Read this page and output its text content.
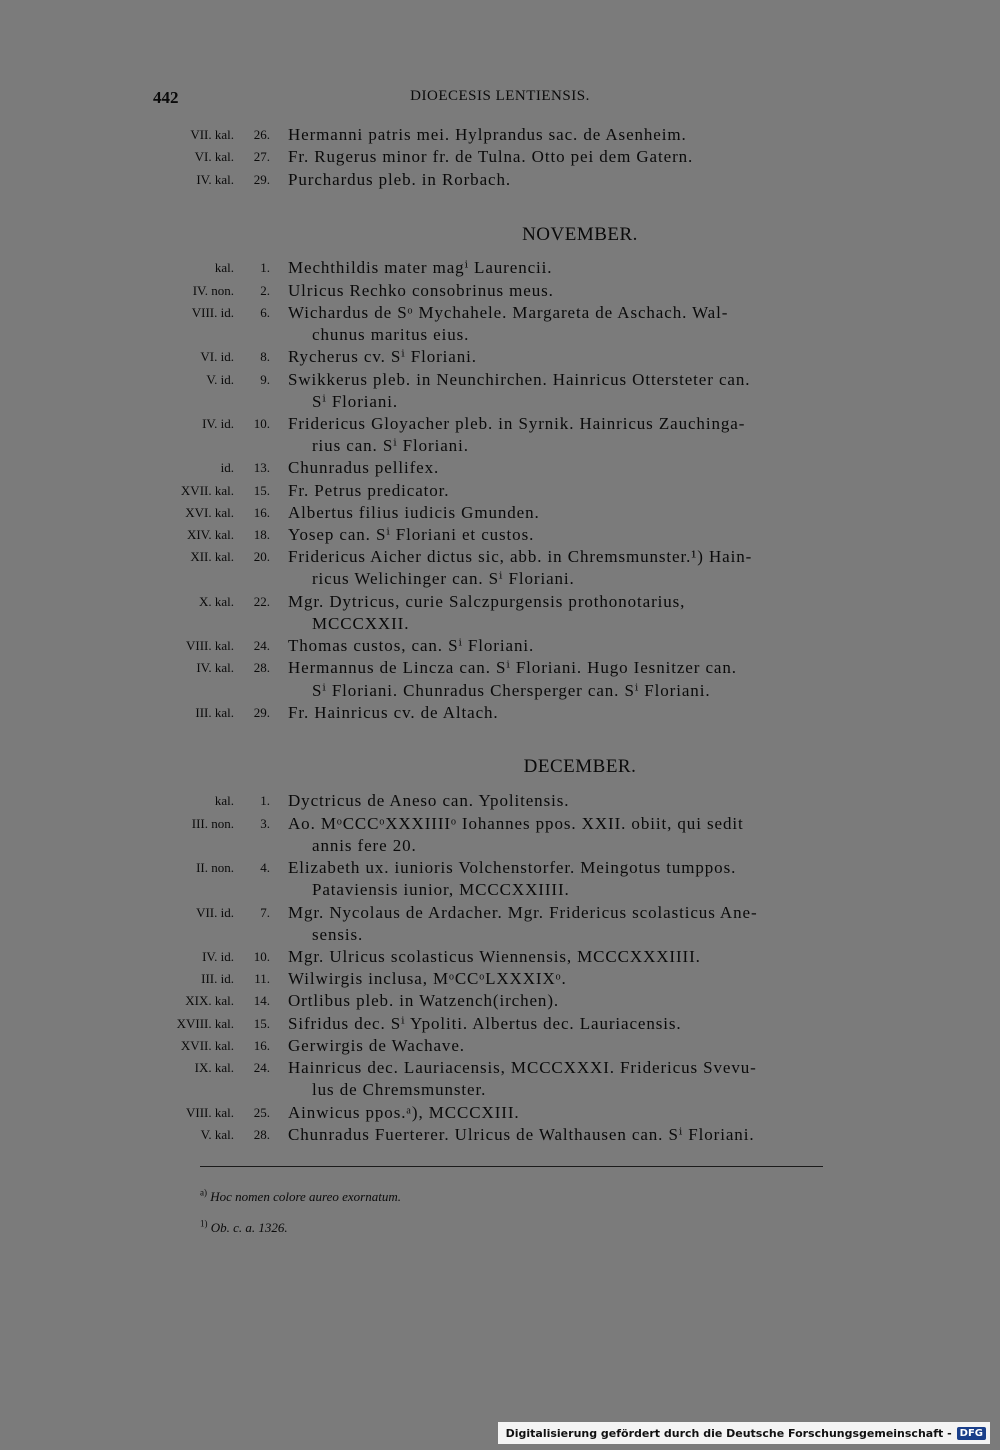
442	DIOECESIS LENTIENSIS.
VII. kal.	26. Hermanni patris mei. Hylprandus sac. de Asenheim.
VI. kal.	27. Fr. Rugerus minor fr. de Tulna. Otto pei dem Gatern.
IV. kal.	29. Purchardus pleb. in Rorbach.
NOVEMBER.
kal.	1. Mechthildis mater magⁱ Laurencii.
IV. non.	2. Ulricus Rechko consobrinus meus.
VIII. id.	6. Wichardus de Sᵒ Mychahele. Margareta de Aschach. Wal-
chunus maritus eius.
VI. id.	8. Rycherus cv. Sⁱ Floriani.
V. id.	9. Swikkerus pleb. in Neunchirchen. Hainricus Ottersteter can.
Sⁱ Floriani.
IV. id.	10. Fridericus Gloyacher pleb. in Syrnik. Hainricus Zauchinga-
rius can. Sⁱ Floriani.
id.	13. Chunradus pellifex.
XVII. kal.	15. Fr. Petrus predicator.
XVI. kal.	16. Albertus filius iudicis Gmunden.
XIV. kal.	18. Yosep can. Sⁱ Floriani et custos.
XII. kal.	20. Fridericus Aicher dictus sic, abb. in Chremsmunster.¹) Hain-
ricus Welichinger can. Sⁱ Floriani.
X. kal.	22. Mgr. Dytricus, curie Salczpurgensis prothonotarius,
MCCCXXII.
VIII. kal.	24. Thomas custos, can. Sⁱ Floriani.
IV. kal.	28. Hermannus de Lincza can. Sⁱ Floriani. Hugo Iesnitzer can.
Sⁱ Floriani. Chunradus Chersperger can. Sⁱ Floriani.
III. kal.	29. Fr. Hainricus cv. de Altach.
DECEMBER.
kal.	1. Dyctricus de Aneso can. Ypolitensis.
III. non.	3. Ao. MᵒCCCᵒXXXIIIIᵒ Iohannes ppos. XXII. obiit, qui sedit
annis fere 20.
II. non.	4. Elizabeth ux. iunioris Volchenstorfer. Meingotus tumppos.
Pataviensis iunior, MCCCXXIIII.
VII. id.	7. Mgr. Nycolaus de Ardacher. Mgr. Fridericus scolasticus Ane-
sensis.
IV. id.	10. Mgr. Ulricus scolasticus Wiennensis, MCCCXXXIIII.
III. id.	11. Wilwirgis inclusa, MᵒCCᵒLXXXIXᵒ.
XIX. kal.	14. Ortlibus pleb. in Watzench(irchen).
XVIII. kal.	15. Sifridus dec. Sⁱ Ypoliti. Albertus dec. Lauriacensis.
XVII. kal.	16. Gerwirgis de Wachave.
IX. kal.	24. Hainricus dec. Lauriacensis, MCCCXXXI. Fridericus Svevu-
lus de Chremsmunster.
VIII. kal.	25. Ainwicus ppos.ᵃ), MCCCXIII.
V. kal.	28. Chunradus Fuerterer. Ulricus de Walthausen can. Sⁱ Floriani.
$^{a)}$ Hoc nomen colore aureo exornatum.
$^{1)}$ Ob. c. a. 1326.
Digitalisierung gefördert durch die Deutsche Forschungsgemeinschaft - DFG
